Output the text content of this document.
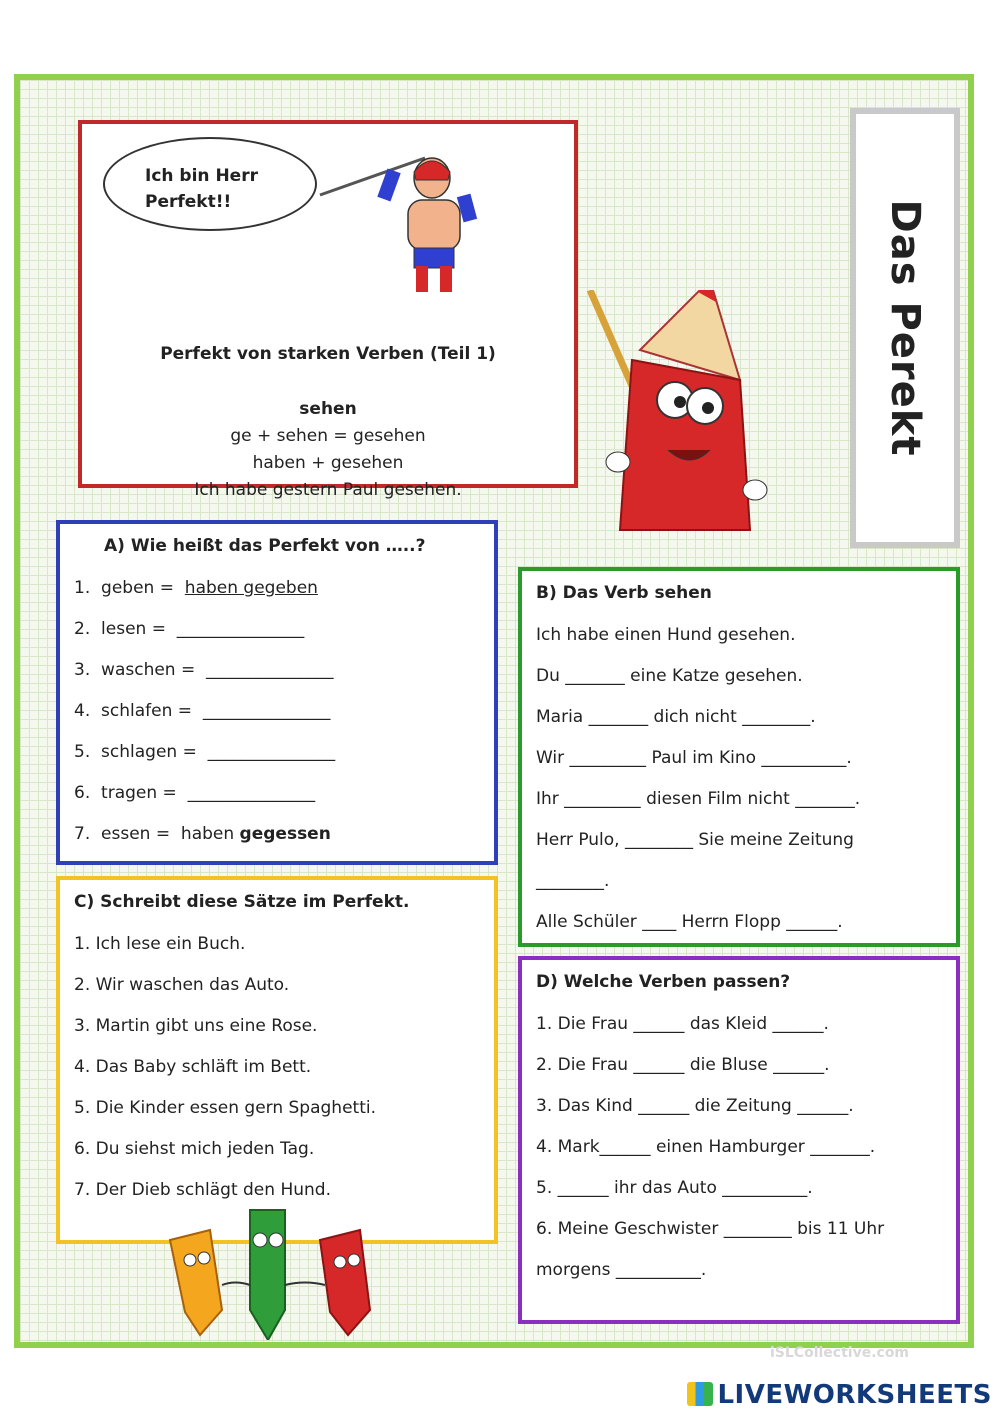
Perfekt von starken Verben (Teil 1)
sehen
ge + sehen = gesehen
haben + gesehen
Ich habe gestern Paul gesehen.
Ich bin Herr
Perfekt!!	Das Perekt
A) Wie heißt das Perfekt von …..?
1. geben = haben gegeben
2. lesen = _______________
3. waschen = _______________
4. schlafen = _______________
5. schlagen = _______________
6. tragen = _______________
7. essen = haben gegessen
B) Das Verb sehen
Ich habe einen Hund gesehen.
Du _______ eine Katze gesehen.
Maria _______ dich nicht ________.
Wir _________ Paul im Kino __________.
Ihr _________ diesen Film nicht _______.
Herr Pulo, ________ Sie meine Zeitung
________.
Alle Schüler ____ Herrn Flopp ______.
C) Schreibt diese Sätze im Perfekt.
1. Ich lese ein Buch.
2. Wir waschen das Auto.
3. Martin gibt uns eine Rose.
4. Das Baby schläft im Bett.
5. Die Kinder essen gern Spaghetti.
6. Du siehst mich jeden Tag.
7. Der Dieb schlägt den Hund.
D) Welche Verben passen?
1. Die Frau ______ das Kleid ______.
2. Die Frau ______ die Bluse ______.
3. Das Kind ______ die Zeitung ______.
4. Mark______ einen Hamburger _______.
5. ______ ihr das Auto __________.
6. Meine Geschwister ________ bis 11 Uhr
morgens __________.
iSLCollective.com
LIVEWORKSHEETS
